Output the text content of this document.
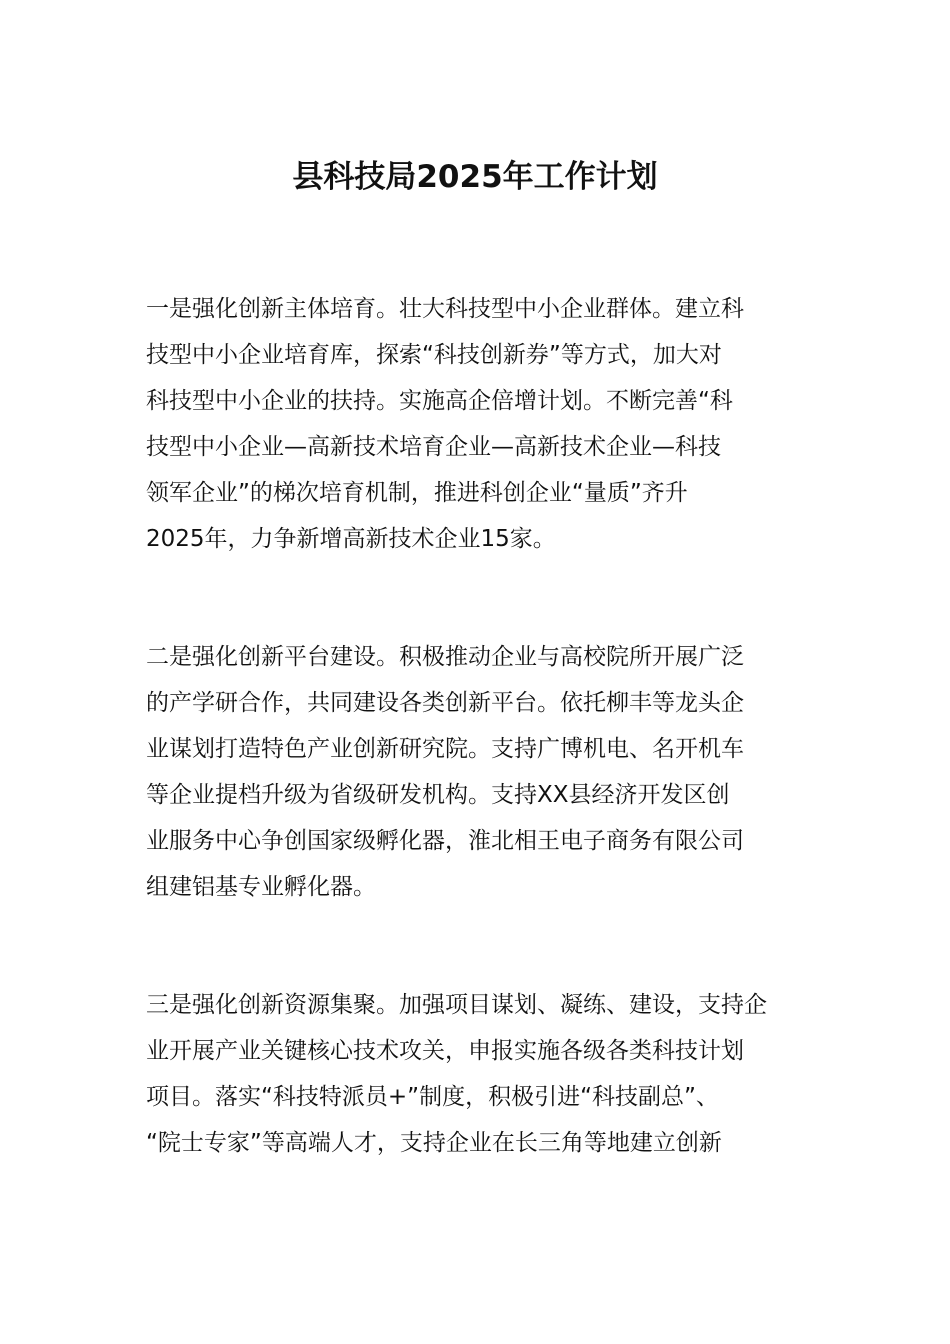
县科技局2025年工作计划
一是强化创新主体培育。壮大科技型中小企业群体。建立科
技型中小企业培育库，探索“科技创新券”等方式，加大对
科技型中小企业的扶持。实施高企倍增计划。不断完善“科
技型中小企业—高新技术培育企业—高新技术企业—科技
领军企业”的梯次培育机制，推进科创企业“量质”齐升
2025年，力争新增高新技术企业15家。
二是强化创新平台建设。积极推动企业与高校院所开展广泛
的产学研合作，共同建设各类创新平台。依托柳丰等龙头企
业谋划打造特色产业创新研究院。支持广博机电、名开机车
等企业提档升级为省级研发机构。支持XX县经济开发区创
业服务中心争创国家级孵化器，淮北相王电子商务有限公司
组建铝基专业孵化器。
三是强化创新资源集聚。加强项目谋划、凝练、建设，支持企
业开展产业关键核心技术攻关，申报实施各级各类科技计划
项目。落实“科技特派员+”制度，积极引进“科技副总”、
“院士专家”等高端人才，支持企业在长三角等地建立创新
